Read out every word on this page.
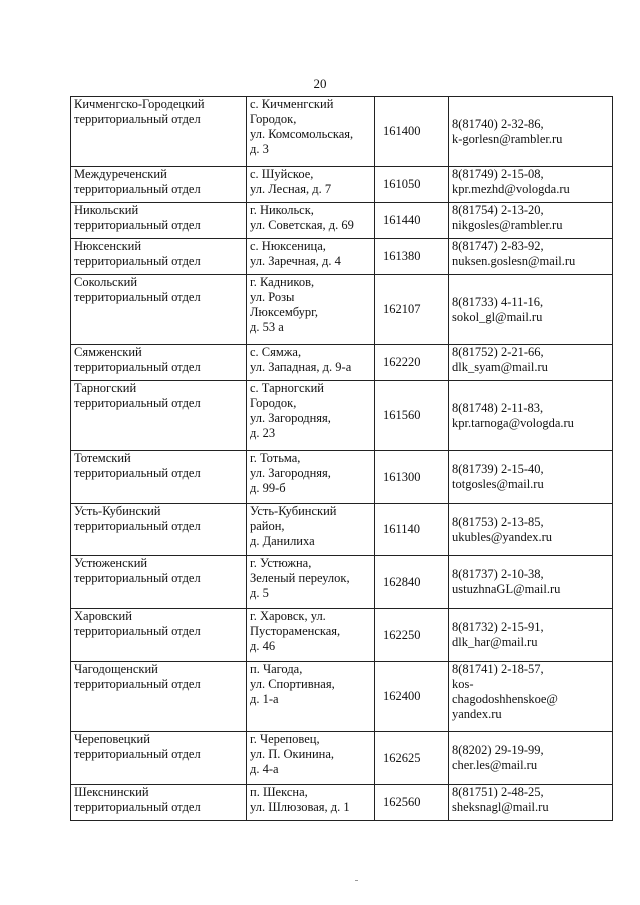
20
Кичменгско-Городецкий
территориальный отдел	с. Кичменгский
Городок,
ул. Комсомольская,
д. 3	161400	8(81740) 2-32-86,
k-gorlesn@rambler.ru

Междуреченский
территориальный отдел	с. Шуйское,
ул. Лесная, д. 7	161050	8(81749) 2-15-08,
kpr.mezhd@vologda.ru

Никольский
территориальный отдел	г. Никольск,
ул. Советская, д. 69	161440	8(81754) 2-13-20,
nikgosles@rambler.ru

Нюксенский
территориальный отдел	с. Нюксеница,
ул. Заречная, д. 4	161380	8(81747) 2-83-92,
nuksen.goslesn@mail.ru

Сокольский
территориальный отдел	г. Кадников,
ул. Розы
Люксембург,
д. 53 а	162107	8(81733) 4-11-16,
sokol_gl@mail.ru

Сямженский
территориальный отдел	с. Сямжа,
ул. Западная, д. 9-а	162220	8(81752) 2-21-66,
dlk_syam@mail.ru

Тарногский
территориальный отдел	с. Тарногский
Городок,
ул. Загородняя,
д. 23	161560	8(81748) 2-11-83,
kpr.tarnoga@vologda.ru

Тотемский
территориальный отдел	г. Тотьма,
ул. Загородняя,
д. 99-б	161300	8(81739) 2-15-40,
totgosles@mail.ru

Усть-Кубинский
территориальный отдел	Усть-Кубинский
район,
д. Данилиха	161140	8(81753) 2-13-85,
ukubles@yandex.ru

Устюженский
территориальный отдел	г. Устюжна,
Зеленый переулок,
д. 5	162840	8(81737) 2-10-38,
ustuzhnaGL@mail.ru

Харовский
территориальный отдел	г. Харовск, ул.
Пустораменская,
д. 46	162250	8(81732) 2-15-91,
dlk_har@mail.ru

Чагодощенский
территориальный отдел	п. Чагода,
ул. Спортивная,
д. 1-а	162400	8(81741) 2-18-57,
kos-
chagodoshhenskoe@
yandex.ru

Череповецкий
территориальный отдел	г. Череповец,
ул. П. Окинина,
д. 4-а	162625	8(8202) 29-19-99,
cher.les@mail.ru

Шекснинский
территориальный отдел	п. Шексна,
ул. Шлюзовая, д. 1	162560	8(81751) 2-48-25,
sheksnagl@mail.ru
